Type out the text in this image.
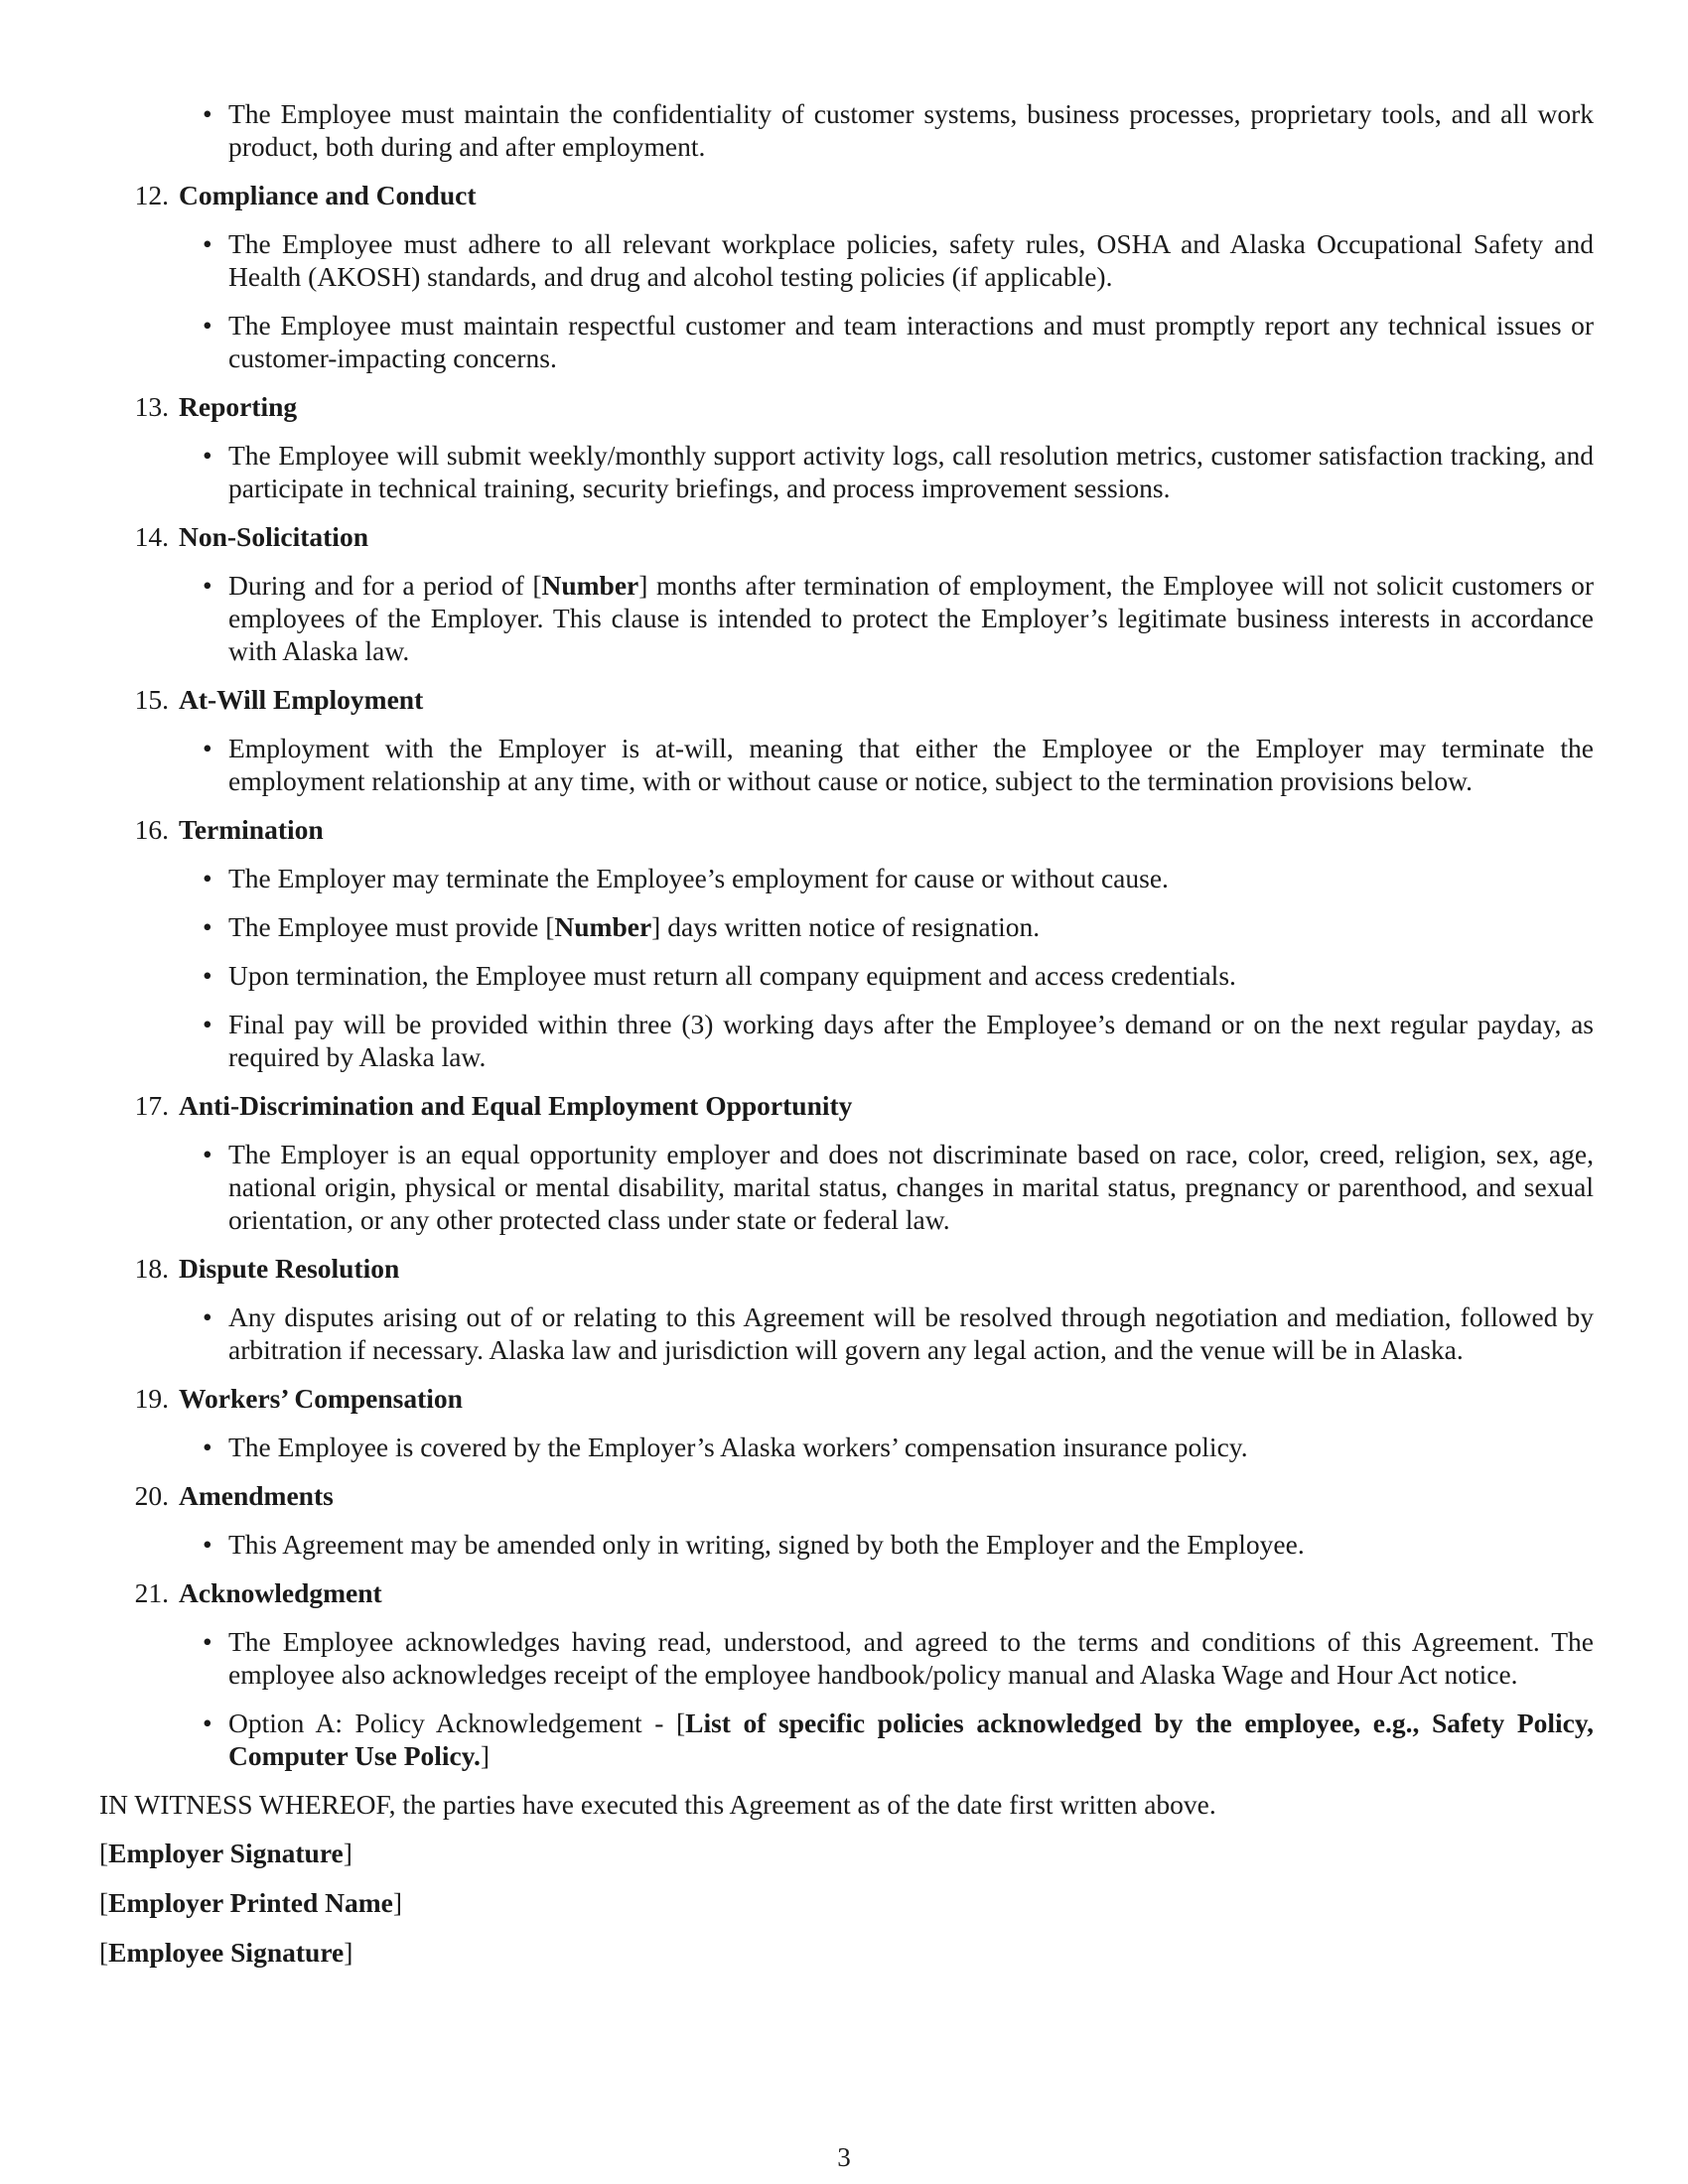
• The Employee must maintain the confidentiality of customer systems, business processes, proprietary tools, and all work product, both during and after employment.
12. Compliance and Conduct
• The Employee must adhere to all relevant workplace policies, safety rules, OSHA and Alaska Occupational Safety and Health (AKOSH) standards, and drug and alcohol testing policies (if applicable).
• The Employee must maintain respectful customer and team interactions and must promptly report any technical issues or customer-impacting concerns.
13. Reporting
• The Employee will submit weekly/monthly support activity logs, call resolution metrics, customer satisfaction tracking, and participate in technical training, security briefings, and process improvement sessions.
14. Non-Solicitation
• During and for a period of [Number] months after termination of employment, the Employee will not solicit customers or employees of the Employer. This clause is intended to protect the Employer’s legitimate business interests in accordance with Alaska law.
15. At-Will Employment
• Employment with the Employer is at-will, meaning that either the Employee or the Employer may terminate the employment relationship at any time, with or without cause or notice, subject to the termination provisions below.
16. Termination
• The Employer may terminate the Employee’s employment for cause or without cause.
• The Employee must provide [Number] days written notice of resignation.
• Upon termination, the Employee must return all company equipment and access credentials.
• Final pay will be provided within three (3) working days after the Employee’s demand or on the next regular payday, as required by Alaska law.
17. Anti-Discrimination and Equal Employment Opportunity
• The Employer is an equal opportunity employer and does not discriminate based on race, color, creed, religion, sex, age, national origin, physical or mental disability, marital status, changes in marital status, pregnancy or parenthood, and sexual orientation, or any other protected class under state or federal law.
18. Dispute Resolution
• Any disputes arising out of or relating to this Agreement will be resolved through negotiation and mediation, followed by arbitration if necessary. Alaska law and jurisdiction will govern any legal action, and the venue will be in Alaska.
19. Workers’ Compensation
• The Employee is covered by the Employer’s Alaska workers’ compensation insurance policy.
20. Amendments
• This Agreement may be amended only in writing, signed by both the Employer and the Employee.
21. Acknowledgment
• The Employee acknowledges having read, understood, and agreed to the terms and conditions of this Agreement. The employee also acknowledges receipt of the employee handbook/policy manual and Alaska Wage and Hour Act notice.
• Option A: Policy Acknowledgement - [List of specific policies acknowledged by the employee, e.g., Safety Policy, Computer Use Policy.]

IN WITNESS WHEREOF, the parties have executed this Agreement as of the date first written above.

[Employer Signature]

[Employer Printed Name]

[Employee Signature]

3
